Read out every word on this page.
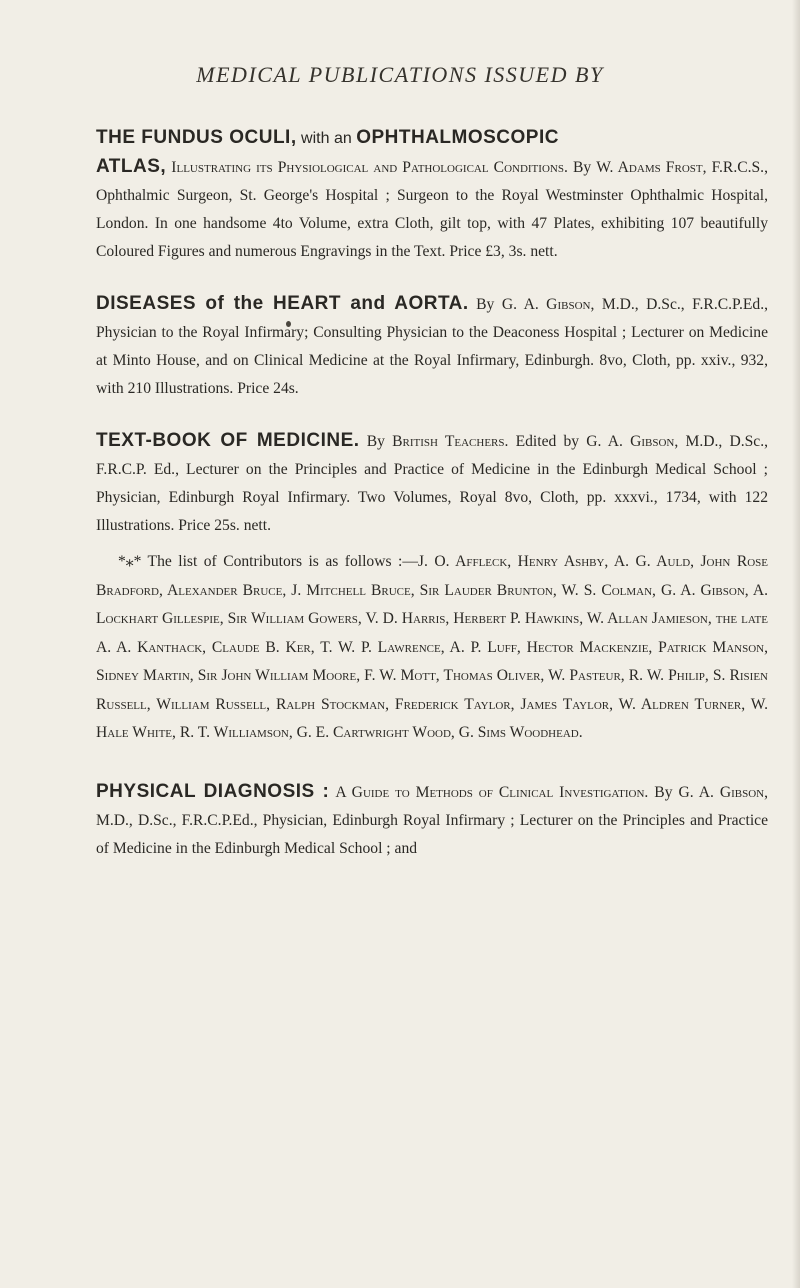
MEDICAL PUBLICATIONS ISSUED BY

THE FUNDUS OCULI, with an OPHTHALMOSCOPIC
ATLAS, Illustrating its Physiological and Pathological Conditions. By W. Adams Frost, F.R.C.S., Ophthalmic Surgeon, St. George's Hospital ; Surgeon to the Royal Westminster Ophthalmic Hospital, London. In one handsome 4to Volume, extra Cloth, gilt top, with 47 Plates, exhibiting 107 beautifully Coloured Figures and numerous Engravings in the Text. Price £3, 3s. nett.

DISEASES of the HEART and AORTA. By G. A. Gibson, M.D., D.Sc., F.R.C.P.Ed., Physician to the Royal Infirmary; Consulting Physician to the Deaconess Hospital ; Lecturer on Medicine at Minto House, and on Clinical Medicine at the Royal Infirmary, Edinburgh. 8vo, Cloth, pp. xxiv., 932, with 210 Illustrations. Price 24s.

TEXT-BOOK OF MEDICINE. By British Teachers. Edited by G. A. Gibson, M.D., D.Sc., F.R.C.P. Ed., Lecturer on the Principles and Practice of Medicine in the Edinburgh Medical School ; Physician, Edinburgh Royal Infirmary. Two Volumes, Royal 8vo, Cloth, pp. xxxvi., 1734, with 122 Illustrations. Price 25s. nett.

*⁎* The list of Contributors is as follows :—J. O. Affleck, Henry Ashby, A. G. Auld, John Rose Bradford, Alexander Bruce, J. Mitchell Bruce, Sir Lauder Brunton, W. S. Colman, G. A. Gibson, A. Lockhart Gillespie, Sir William Gowers, V. D. Harris, Herbert P. Hawkins, W. Allan Jamieson, the late A. A. Kanthack, Claude B. Ker, T. W. P. Lawrence, A. P. Luff, Hector Mackenzie, Patrick Manson, Sidney Martin, Sir John William Moore, F. W. Mott, Thomas Oliver, W. Pasteur, R. W. Philip, S. Risien Russell, William Russell, Ralph Stockman, Frederick Taylor, James Taylor, W. Aldren Turner, W. Hale White, R. T. Williamson, G. E. Cartwright Wood, G. Sims Woodhead.

PHYSICAL DIAGNOSIS : A Guide to Methods of Clinical Investigation. By G. A. Gibson, M.D., D.Sc., F.R.C.P.Ed., Physician, Edinburgh Royal Infirmary ; Lecturer on the Principles and Practice of Medicine in the Edinburgh Medical School ; and
